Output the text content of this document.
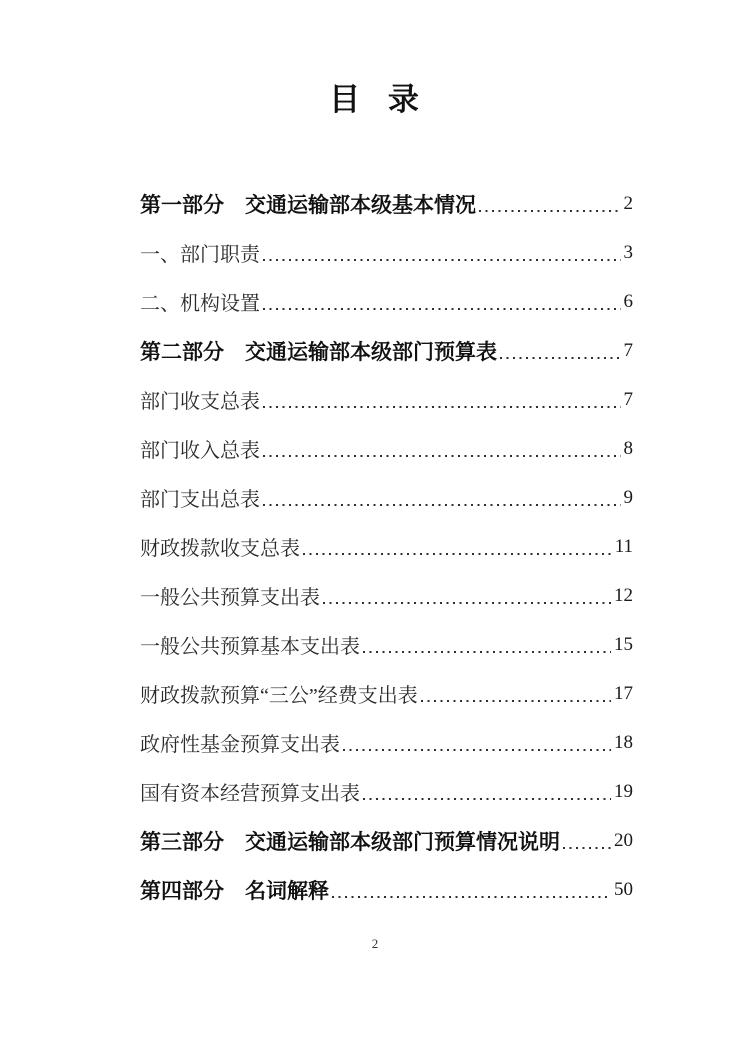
目 录
第一部分　交通运输部本级基本情况	2
一、部门职责	3
二、机构设置	6
第二部分　交通运输部本级部门预算表	7
部门收支总表	7
部门收入总表	8
部门支出总表	9
财政拨款收支总表	11
一般公共预算支出表	12
一般公共预算基本支出表	15
财政拨款预算“三公”经费支出表	17
政府性基金预算支出表	18
国有资本经营预算支出表	19
第三部分　交通运输部本级部门预算情况说明	20
第四部分　名词解释	50
2
